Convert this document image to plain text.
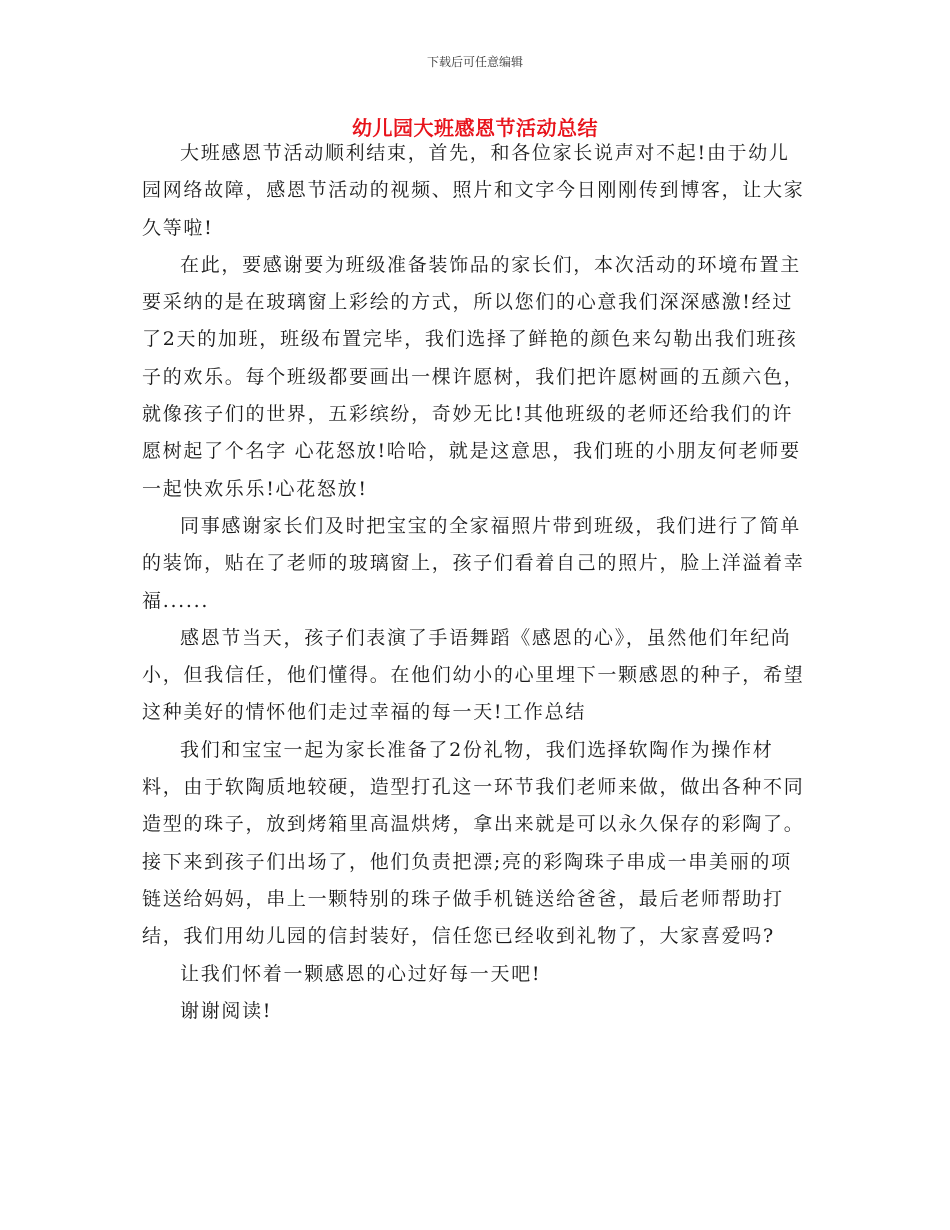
下载后可任意编辑
幼儿园大班感恩节活动总结

大班感恩节活动顺利结束，首先，和各位家长说声对不起!由于幼儿园网络故障，感恩节活动的视频、照片和文字今日刚刚传到博客，让大家久等啦!

在此，要感谢要为班级准备装饰品的家长们，本次活动的环境布置主要采纳的是在玻璃窗上彩绘的方式，所以您们的心意我们深深感激!经过了2天的加班，班级布置完毕，我们选择了鲜艳的颜色来勾勒出我们班孩子的欢乐。每个班级都要画出一棵许愿树，我们把许愿树画的五颜六色，就像孩子们的世界，五彩缤纷，奇妙无比!其他班级的老师还给我们的许愿树起了个名字 心花怒放!哈哈，就是这意思，我们班的小朋友何老师要一起快欢乐乐!心花怒放!

同事感谢家长们及时把宝宝的全家福照片带到班级，我们进行了简单的装饰，贴在了老师的玻璃窗上，孩子们看着自己的照片，脸上洋溢着幸福......

感恩节当天，孩子们表演了手语舞蹈《感恩的心》，虽然他们年纪尚小，但我信任，他们懂得。在他们幼小的心里埋下一颗感恩的种子，希望这种美好的情怀他们走过幸福的每一天!工作总结

我们和宝宝一起为家长准备了2份礼物，我们选择软陶作为操作材料，由于软陶质地较硬，造型打孔这一环节我们老师来做，做出各种不同造型的珠子，放到烤箱里高温烘烤，拿出来就是可以永久保存的彩陶了。接下来到孩子们出场了，他们负责把漂;亮的彩陶珠子串成一串美丽的项链送给妈妈，串上一颗特别的珠子做手机链送给爸爸，最后老师帮助打结，我们用幼儿园的信封装好，信任您已经收到礼物了，大家喜爱吗?

让我们怀着一颗感恩的心过好每一天吧!

谢谢阅读!
